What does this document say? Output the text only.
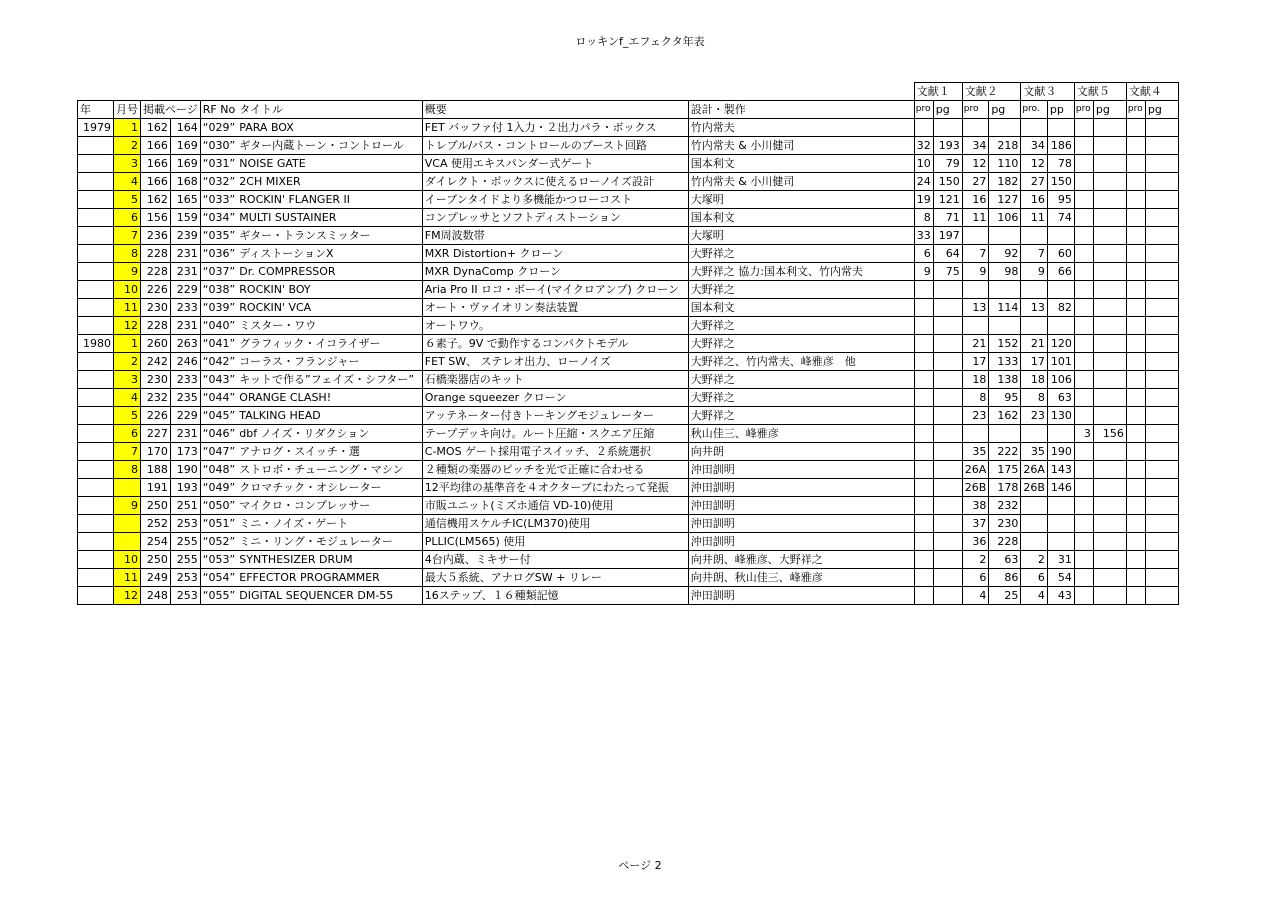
ロッキンf_エフェクタ年表
								文献１		文献２		文献３		文献５		文献４	
年	月号	掲載ページ		RF No	タイトル	概要	設計・製作	pro	pg	pro	pg	pro.	pp	pro	pg	pro	pg
1979	1	162	164	“029”	PARA BOX	FET バッファ付 1入力・２出力パラ・ボックス	竹内常夫										
	2	166	169	“030”	ギター内蔵トーン・コントロール	トレブル/バス・コントロールのブースト回路	竹内常夫 & 小川健司	32	193	34	218	34	186				
	3	166	169	“031”	NOISE GATE	VCA 使用エキスパンダー式ゲート	国本利文	10	79	12	110	12	78				
	4	166	168	“032”	2CH MIXER	ダイレクト・ボックスに使えるローノイズ設計	竹内常夫 & 小川健司	24	150	27	182	27	150				
	5	162	165	“033”	ROCKIN' FLANGER II	イーブンタイドより多機能かつローコスト	大塚明	19	121	16	127	16	95				
	6	156	159	“034”	MULTI SUSTAINER	コンプレッサとソフトディストーション	国本利文	8	71	11	106	11	74				
	7	236	239	“035”	ギター・トランスミッター	FM周波数帯	大塚明	33	197								
	8	228	231	“036”	ディストーションX	MXR Distortion+ クローン	大野祥之	6	64	7	92	7	60				
	9	228	231	“037”	Dr. COMPRESSOR	MXR DynaComp クローン	大野祥之 協力:国本利文、竹内常夫	9	75	9	98	9	66				
	10	226	229	“038”	ROCKIN' BOY	Aria Pro II ロコ・ボーイ(マイクロアンプ) クローン	大野祥之										
	11	230	233	“039”	ROCKIN' VCA	オート・ヴァイオリン奏法装置	国本利文			13	114	13	82				
	12	228	231	“040”	ミスター・ワウ	オートワウ。	大野祥之										
1980	1	260	263	“041”	グラフィック・イコライザー	６素子。9V で動作するコンパクトモデル	大野祥之			21	152	21	120				
	2	242	246	“042”	コーラス・フランジャー	FET SW、 ステレオ出力、ローノイズ	大野祥之、竹内常夫、峰雅彦　他			17	133	17	101				
	3	230	233	“043”	キットで作る”フェイズ・シフター”	石橋楽器店のキット	大野祥之			18	138	18	106				
	4	232	235	“044”	ORANGE CLASH!	Orange squeezer クローン	大野祥之			8	95	8	63				
	5	226	229	“045”	TALKING HEAD	アッテネーター付きトーキングモジュレーター	大野祥之			23	162	23	130				
	6	227	231	“046”	dbf ノイズ・リダクション	テープデッキ向け。ルート圧縮・スクエア圧縮	秋山佳三、峰雅彦							3	156		
	7	170	173	“047”	アナログ・スイッチ・選	C-MOS ゲート採用電子スイッチ、２系統選択	向井朗			35	222	35	190				
	8	188	190	“048”	ストロボ・チューニング・マシン	２種類の楽器のピッチを光で正確に合わせる	沖田訓明			26A	175	26A	143				
		191	193	“049”	クロマチック・オシレーター	12平均律の基準音を４オクターブにわたって発振	沖田訓明			26B	178	26B	146				
	9	250	251	“050”	マイクロ・コンプレッサー	市販ユニット(ミズホ通信 VD-10)使用	沖田訓明			38	232						
		252	253	“051”	ミニ・ノイズ・ゲート	通信機用スケルチIC(LM370)使用	沖田訓明			37	230						
		254	255	“052”	ミニ・リング・モジュレーター	PLLIC(LM565) 使用	沖田訓明			36	228						
	10	250	255	“053”	SYNTHESIZER DRUM	4台内蔵、ミキサー付	向井朗、峰雅彦、大野祥之			2	63	2	31				
	11	249	253	“054”	EFFECTOR PROGRAMMER	最大５系統、アナログSW + リレー	向井朗、秋山佳三、峰雅彦			6	86	6	54				
	12	248	253	“055”	DIGITAL SEQUENCER DM-55	16ステップ、１６種類記憶	沖田訓明			4	25	4	43				
ページ 2
